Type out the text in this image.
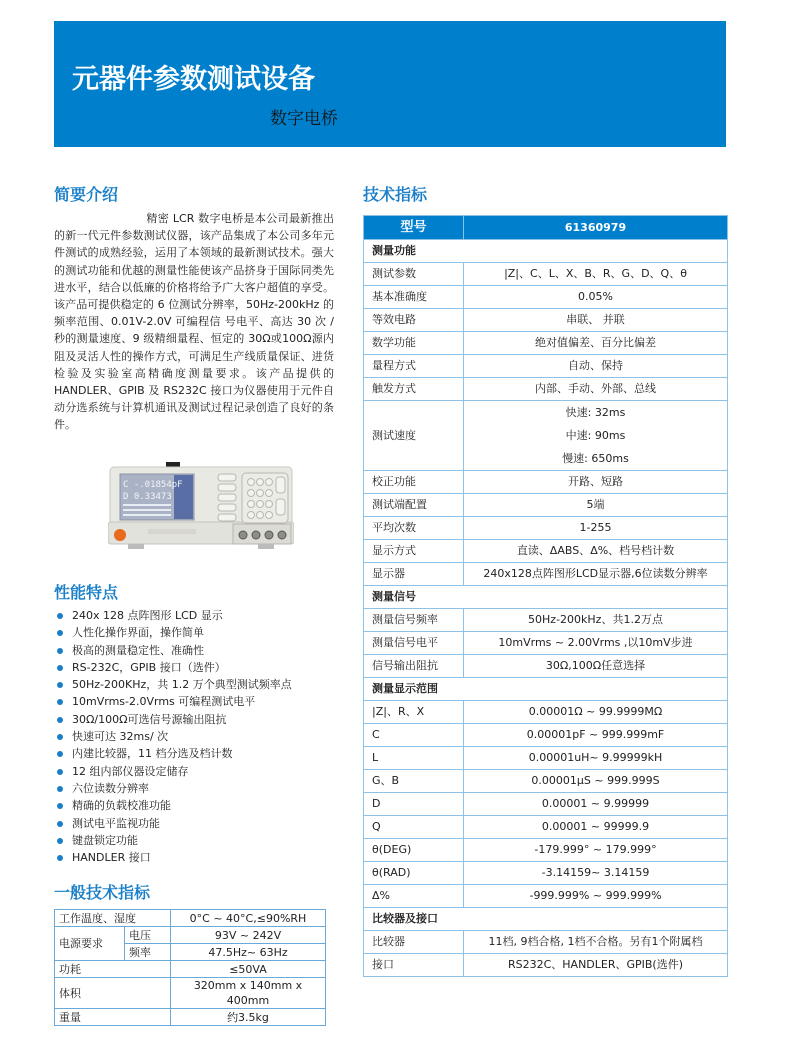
元器件参数测试设备
数字电桥
简要介绍
精密 LCR 数字电桥是本公司最新推出的新一代元件参数测试仪器，该产品集成了本公司多年元件测试的成熟经验，运用了本领域的最新测试技术。强大的测试功能和优越的测量性能使该产品挤身于国际同类先进水平，结合以低廉的价格将给予广大客户超值的享受。该产品可提供稳定的 6 位测试分辨率，50Hz-200kHz 的频率范围、0.01V-2.0V 可编程信 号电平、高达 30 次 / 秒的测量速度、9 级精细量程、恒定的 30Ω或100Ω源内阻及灵活人性的操作方式，可满足生产线质量保证、进货检验及实验室高精确度测量要求。该产品提供的 HANDLER、GPIB 及 RS232C 接口为仪器使用于元件自动分选系统与计算机通讯及测试过程记录创造了良好的条件。
C -.01854pF
D 0.33473
性能特点
240x 128 点阵图形 LCD 显示
人性化操作界面，操作简单
极高的测量稳定性、准确性
RS-232C，GPIB 接口（选件）
50Hz-200KHz，共 1.2 万个典型测试频率点
10mVrms-2.0Vrms 可编程测试电平
30Ω/100Ω可选信号源输出阻抗
快速可达 32ms/ 次
内建比较器，11 档分选及档计数
12 组内部仪器设定储存
六位读数分辨率
精确的负载校准功能
测试电平监视功能
键盘锁定功能
HANDLER 接口
一般技术指标
工作温度、湿度		0°C ~ 40°C,≤90%RH
电源要求	电压	93V ~ 242V
	频率	47.5Hz~ 63Hz
功耗		≤50VA
体积		320mm x 140mm x 400mm
重量		约3.5kg
技术指标
型号	61360979
测量功能	
测试参数	|Z|、C、L、X、B、R、G、D、Q、θ
基本准确度	0.05%
等效电路	串联、 并联
数学功能	绝对值偏差、百分比偏差
量程方式	自动、保持
触发方式	内部、手动、外部、总线
测试速度	快速: 32ms
中速: 90ms
慢速: 650ms

校正功能	开路、短路
测试端配置	5端
平均次数	1-255
显示方式	直读、ΔABS、Δ%、档号档计数
显示器	240x128点阵图形LCD显示器,6位读数分辨率
测量信号	
测量信号频率	50Hz-200kHz、共1.2万点
测量信号电平	10mVrms ~ 2.00Vrms ,以10mV步进
信号输出阻抗	30Ω,100Ω任意选择
测量显示范围	
|Z|、R、X	0.00001Ω ~ 99.9999MΩ
C	0.00001pF ~ 999.999mF
L	0.00001uH~ 9.99999kH
G、B	0.00001μS ~ 999.999S
D	0.00001 ~ 9.99999
Q	0.00001 ~ 99999.9
θ(DEG)	-179.999° ~ 179.999°
θ(RAD)	-3.14159~ 3.14159
Δ%	-999.999% ~ 999.999%
比较器及接口	
比较器	11档, 9档合格, 1档不合格。另有1个附属档
接口	RS232C、HANDLER、GPIB(选件)
